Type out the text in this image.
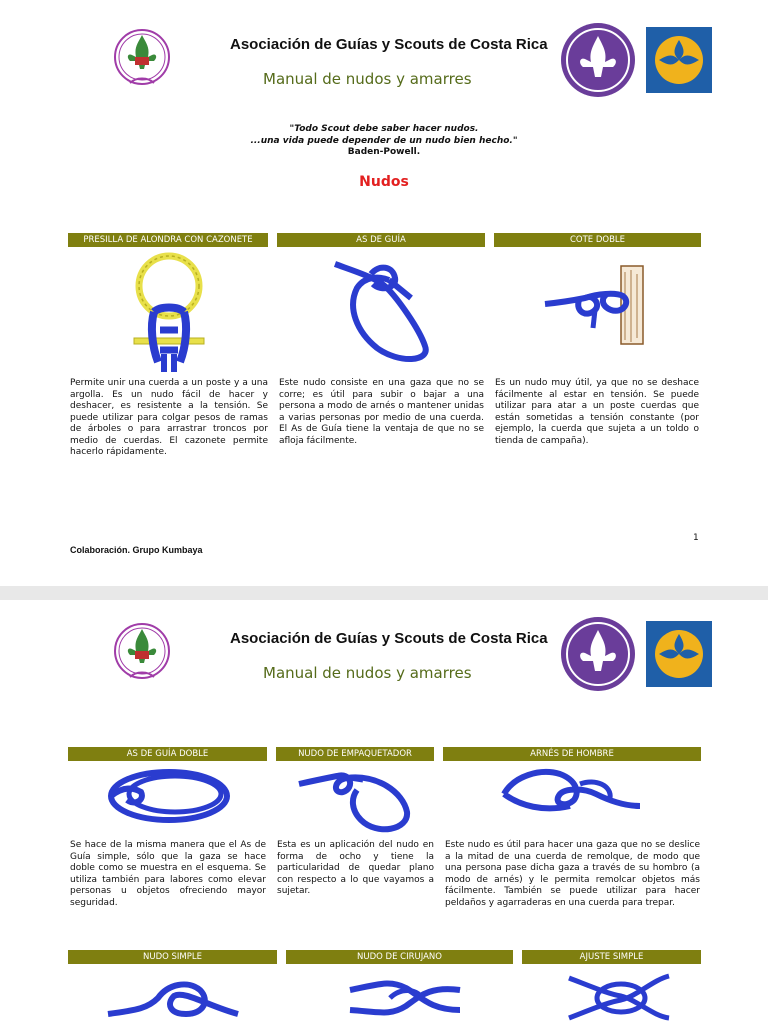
Asociación de Guías y Scouts de Costa Rica
Manual de nudos y amarres
"Todo Scout debe saber hacer nudos.
...una vida puede depender de un nudo bien hecho."
Baden-Powell.
Nudos
PRESILLA DE ALONDRA CON CAZONETE	AS DE GUÍA	COTE DOBLE
Permite unir una cuerda a un poste y a una argolla. Es un nudo fácil de hacer y deshacer, es resistente a la tensión. Se puede utilizar para colgar pesos de ramas de árboles o para arrastrar troncos por medio de cuerdas. El cazonete permite hacerlo rápidamente.
Este nudo consiste en una gaza que no se corre; es útil para subir o bajar a una persona a modo de arnés o mantener unidas a varias personas por medio de una cuerda. El As de Guía tiene la ventaja de que no se afloja fácilmente.
Es un nudo muy útil, ya que no se deshace fácilmente al estar en tensión. Se puede utilizar para atar a un poste cuerdas que están sometidas a tensión constante (por ejemplo, la cuerda que sujeta a un toldo o tienda de campaña).
Colaboración. Grupo Kumbaya
1
Asociación de Guías y Scouts de Costa Rica
Manual de nudos y amarres
AS DE GUÍA DOBLE	NUDO DE EMPAQUETADOR	ARNÉS DE HOMBRE
Se hace de la misma manera que el As de Guía simple, sólo que la gaza se hace doble como se muestra en el esquema. Se utiliza también para labores como elevar personas u objetos ofreciendo mayor seguridad.
Esta es un aplicación del nudo en forma de ocho y tiene la particularidad de quedar plano con respecto a lo que vayamos a sujetar.
Este nudo es útil para hacer una gaza que no se deslice a la mitad de una cuerda de remolque, de modo que una persona pase dicha gaza a través de su hombro (a modo de arnés) y le permita remolcar objetos más fácilmente. También se puede utilizar para hacer peldaños y agarraderas en una cuerda para trepar.
NUDO SIMPLE	NUDO DE CIRUJANO	AJUSTE SIMPLE
